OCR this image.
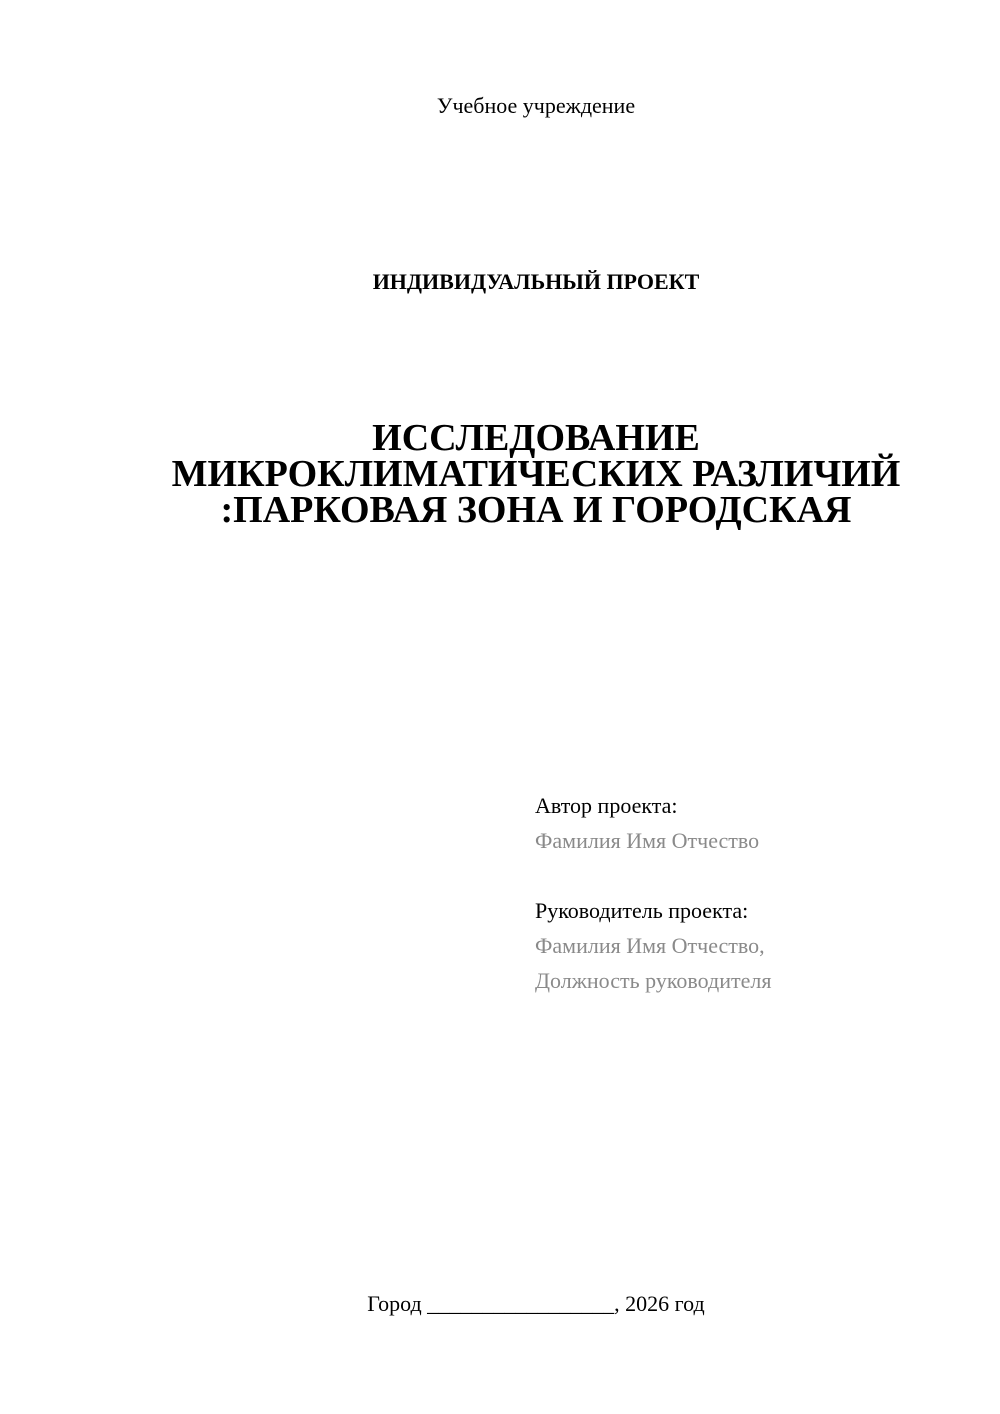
Учебное учреждение
ИНДИВИДУАЛЬНЫЙ ПРОЕКТ
ИССЛЕДОВАНИЕ
МИКРОКЛИМАТИЧЕСКИХ РАЗЛИЧИЙ
:ПАРКОВАЯ ЗОНА И ГОРОДСКАЯ
Автор проекта:
Фамилия Имя Отчество
Руководитель проекта:
Фамилия Имя Отчество,
Должность руководителя
Город _________________, 2026 год
